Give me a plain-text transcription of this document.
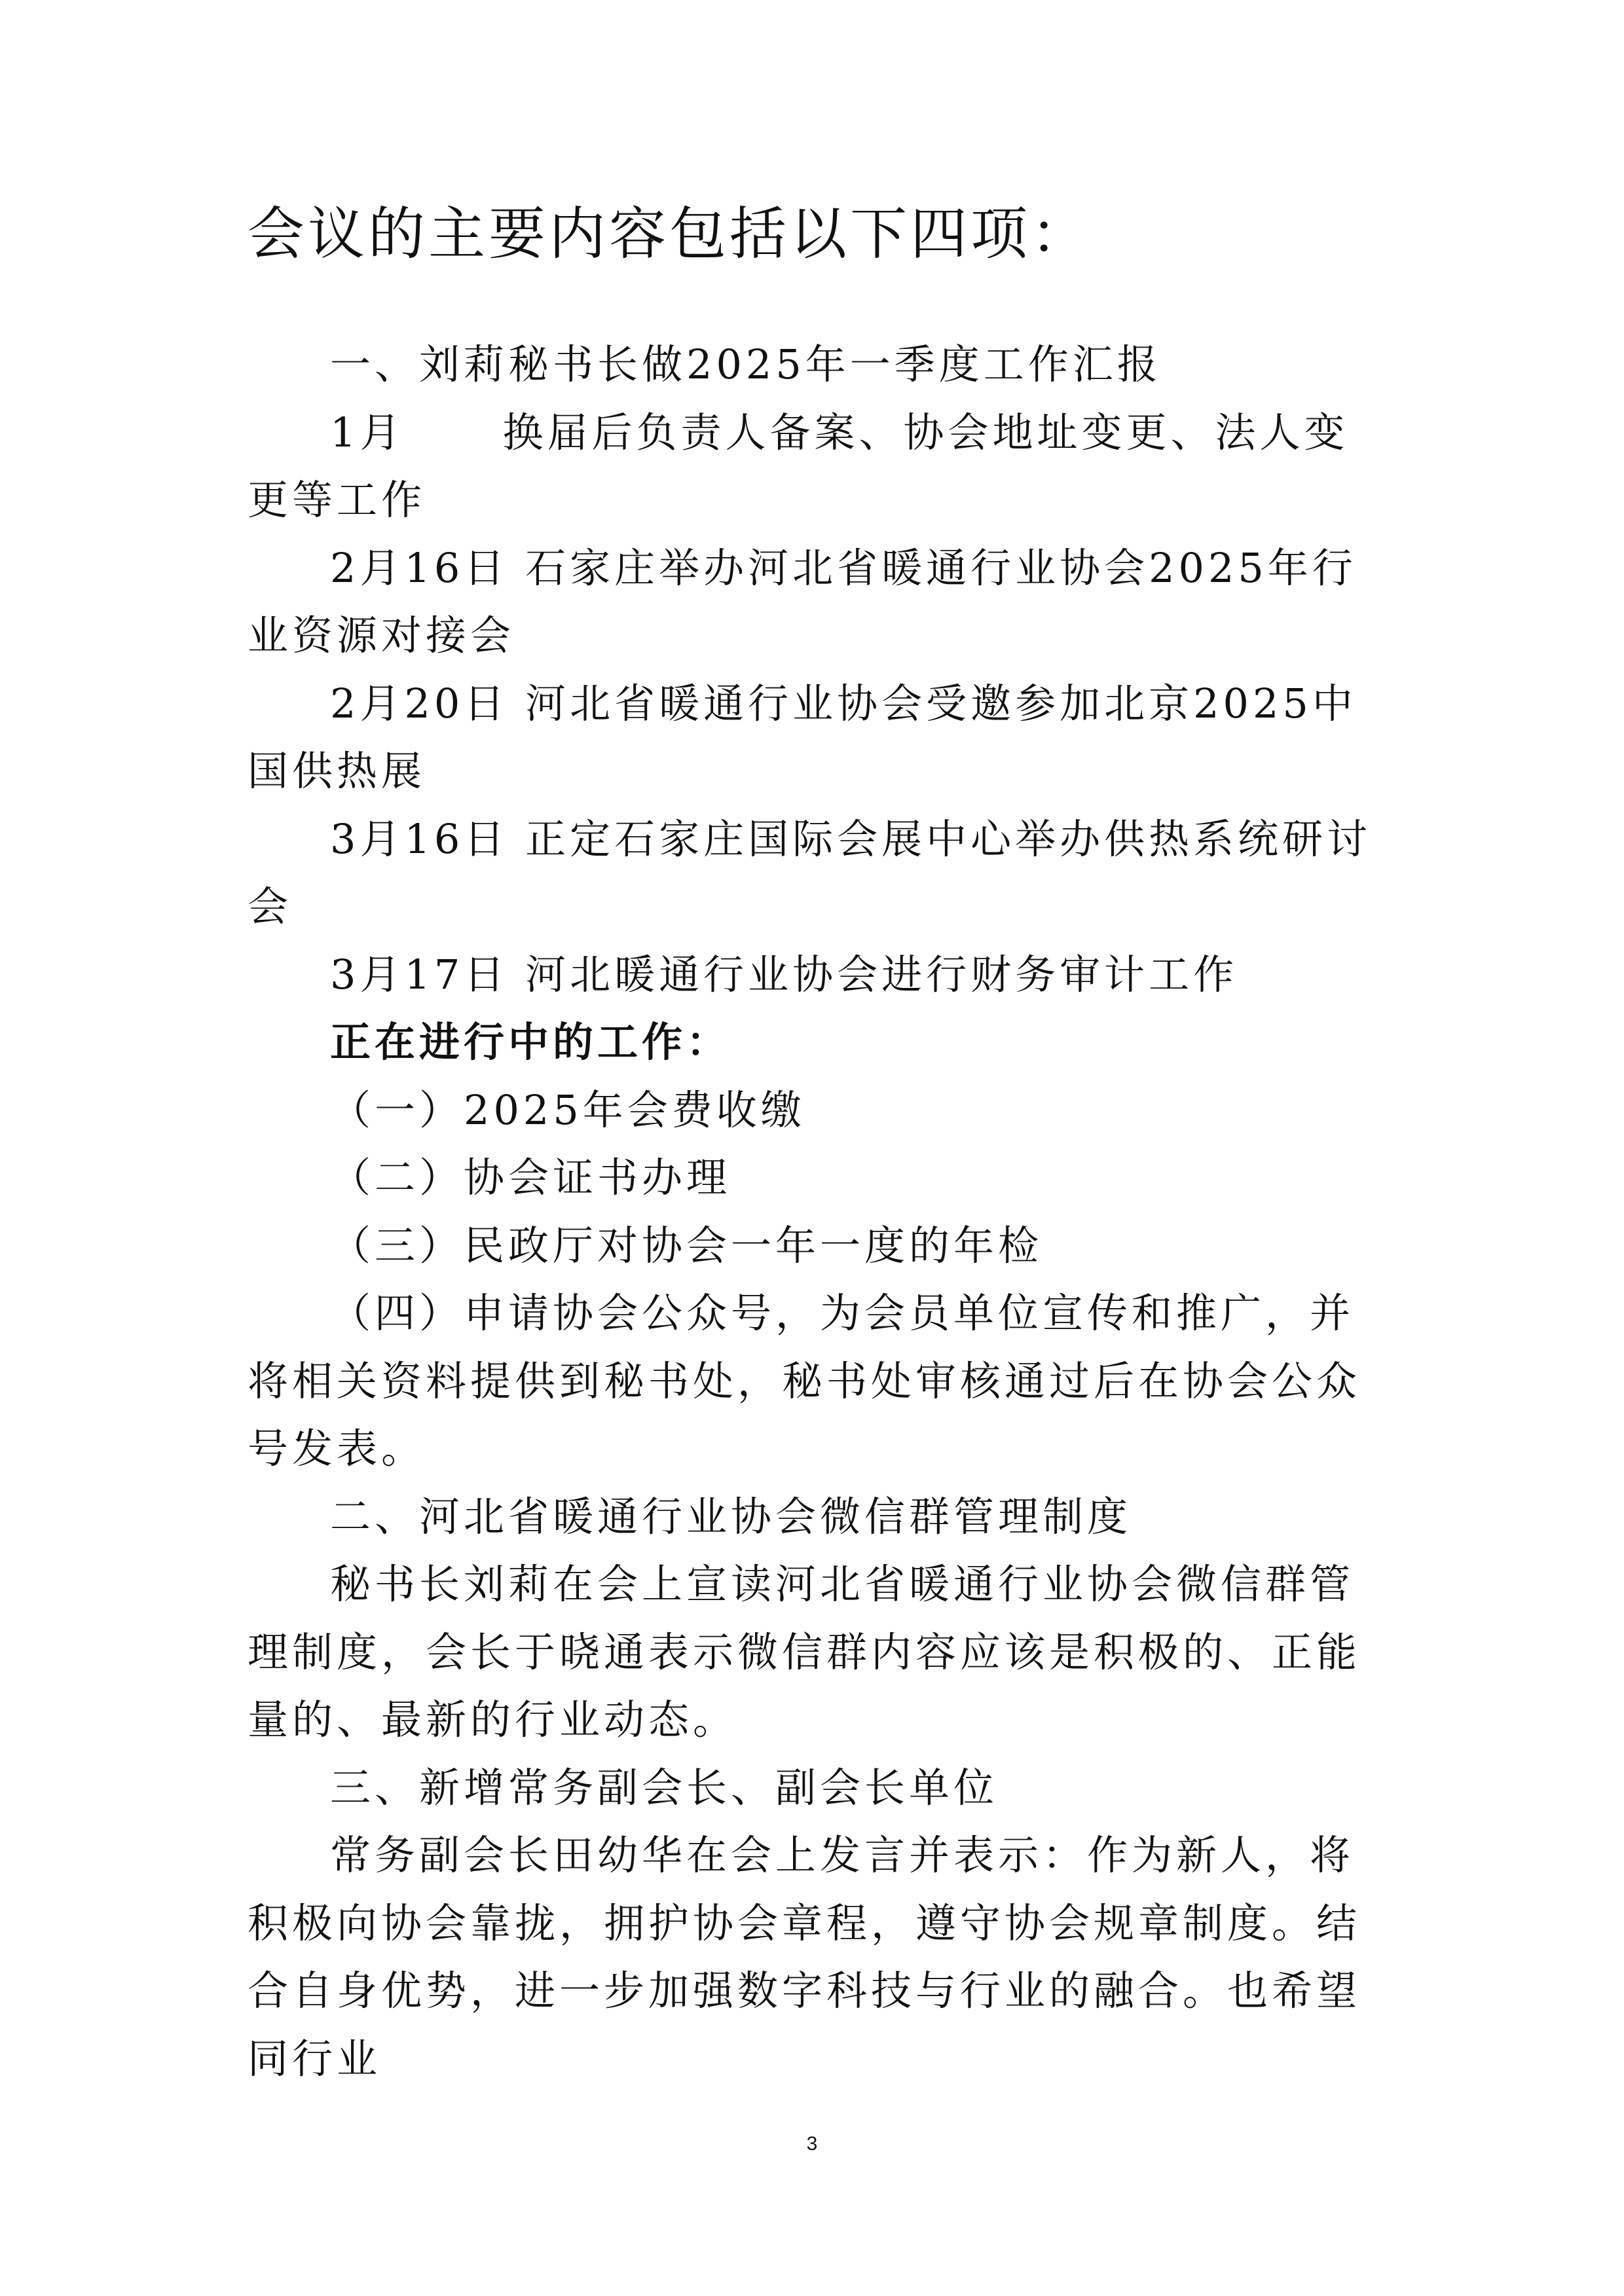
会议的主要内容包括以下四项：

一、刘莉秘书长做2025年一季度工作汇报

1月 换届后负责人备案、协会地址变更、法人变更等工作

2月16日 石家庄举办河北省暖通行业协会2025年行业资源对接会

2月20日 河北省暖通行业协会受邀参加北京2025中国供热展

3月16日 正定石家庄国际会展中心举办供热系统研讨会

3月17日 河北暖通行业协会进行财务审计工作

正在进行中的工作：

（一）2025年会费收缴

（二）协会证书办理

（三）民政厅对协会一年一度的年检

（四）申请协会公众号，为会员单位宣传和推广，并将相关资料提供到秘书处，秘书处审核通过后在协会公众号发表。

二、河北省暖通行业协会微信群管理制度

秘书长刘莉在会上宣读河北省暖通行业协会微信群管理制度，会长于晓通表示微信群内容应该是积极的、正能量的、最新的行业动态。

三、新增常务副会长、副会长单位

常务副会长田幼华在会上发言并表示：作为新人，将积极向协会靠拢，拥护协会章程，遵守协会规章制度。结合自身优势，进一步加强数字科技与行业的融合。也希望同行业

3
